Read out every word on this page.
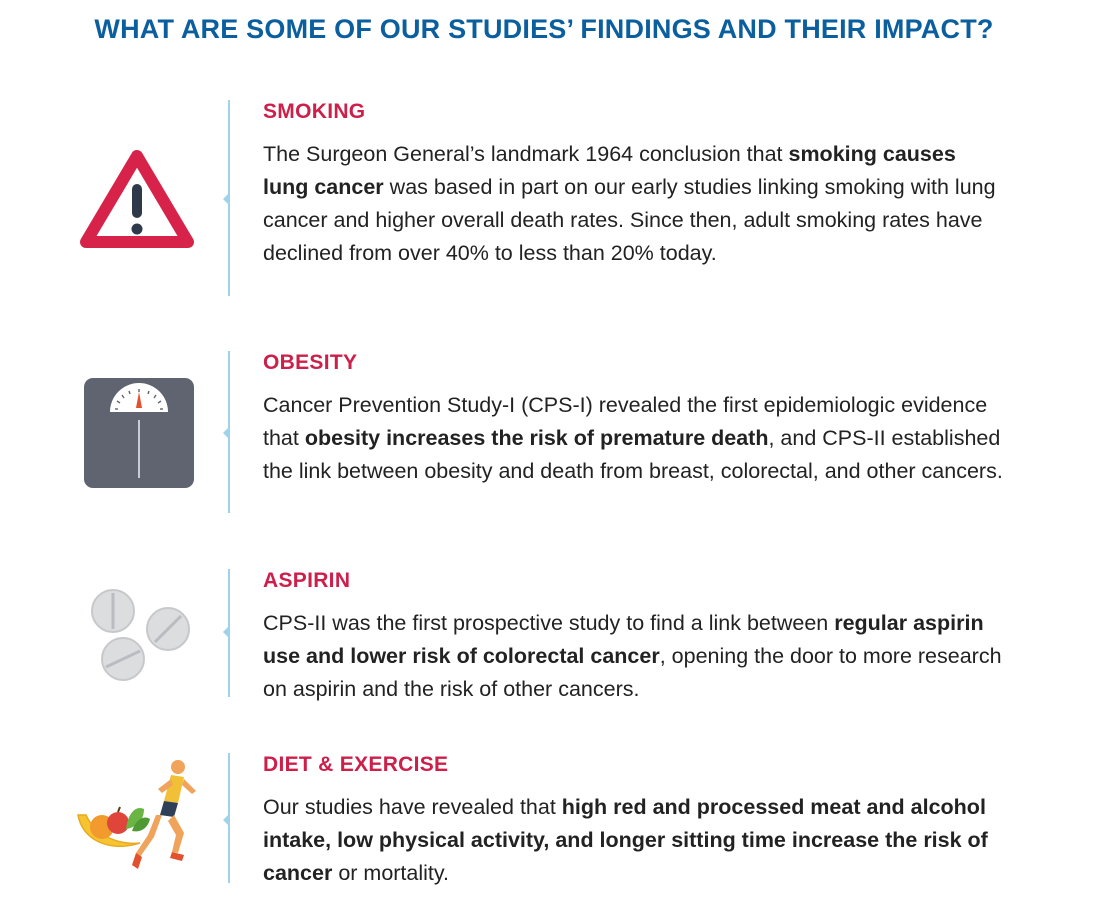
WHAT ARE SOME OF OUR STUDIES’ FINDINGS AND THEIR IMPACT?
SMOKING

The Surgeon General’s landmark 1964 conclusion that smoking causes lung cancer was based in part on our early studies linking smoking with lung cancer and higher overall death rates. Since then, adult smoking rates have declined from over 40% to less than 20% today.

OBESITY

Cancer Prevention Study-I (CPS-I) revealed the first epidemiologic evidence that obesity increases the risk of premature death, and CPS-II established the link between obesity and death from breast, colorectal, and other cancers.

ASPIRIN

CPS-II was the first prospective study to find a link between regular aspirin use and lower risk of colorectal cancer, opening the door to more research on aspirin and the risk of other cancers.

DIET & EXERCISE

Our studies have revealed that high red and processed meat and alcohol intake, low physical activity, and longer sitting time increase the risk of cancer or mortality.
